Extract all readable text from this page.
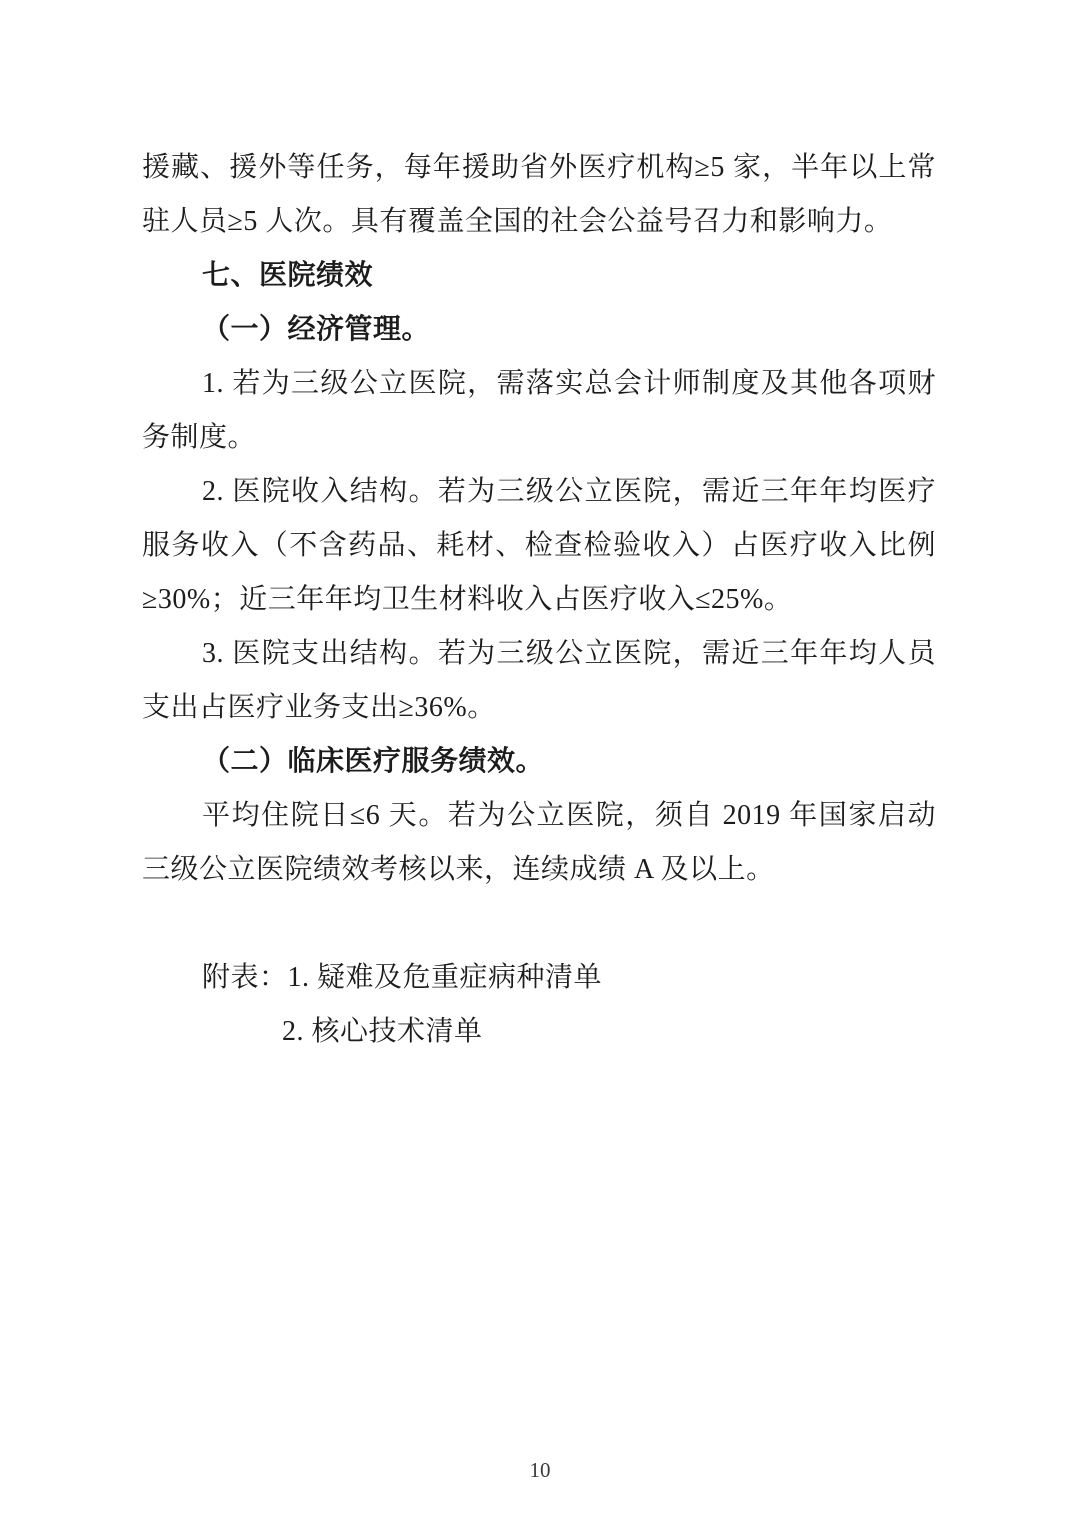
援藏、援外等任务，每年援助省外医疗机构≥5 家，半年以上常
驻人员≥5 人次。具有覆盖全国的社会公益号召力和影响力。
七、医院绩效
（一）经济管理。
1. 若为三级公立医院，需落实总会计师制度及其他各项财
务制度。
2. 医院收入结构。若为三级公立医院，需近三年年均医疗
服务收入（不含药品、耗材、检查检验收入）占医疗收入比例
≥30%；近三年年均卫生材料收入占医疗收入≤25%。
3. 医院支出结构。若为三级公立医院，需近三年年均人员
支出占医疗业务支出≥36%。
（二）临床医疗服务绩效。
平均住院日≤6 天。若为公立医院，须自 2019 年国家启动
三级公立医院绩效考核以来，连续成绩 A 及以上。
附表：1. 疑难及危重症病种清单
2. 核心技术清单
10
